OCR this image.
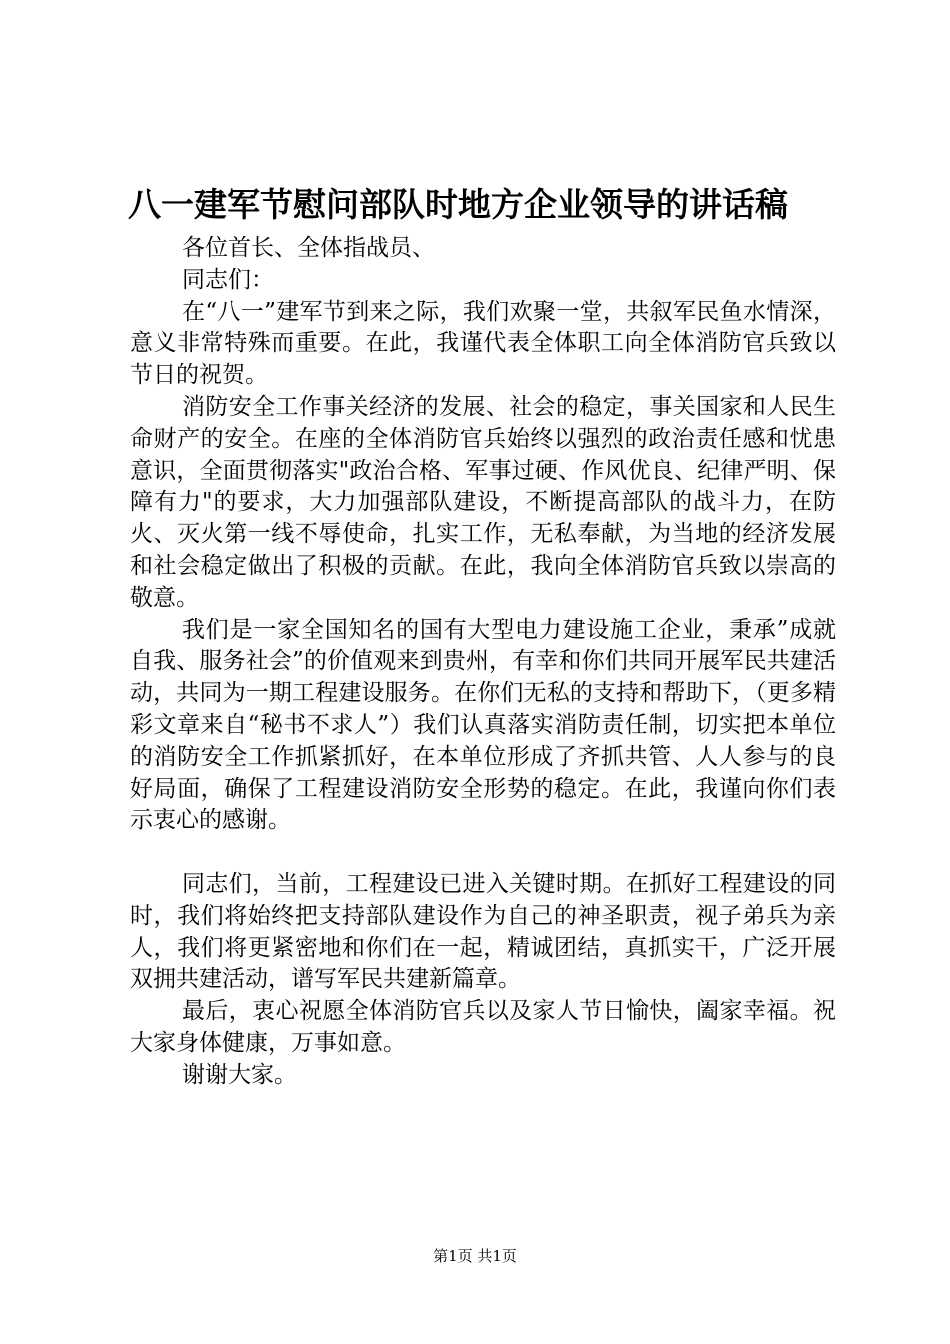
八一建军节慰问部队时地方企业领导的讲话稿

各位首长、全体指战员、

同志们：

在“八一”建军节到来之际，我们欢聚一堂，共叙军民鱼水情深，意义非常特殊而重要。在此，我谨代表全体职工向全体消防官兵致以节日的祝贺。

消防安全工作事关经济的发展、社会的稳定，事关国家和人民生命财产的安全。在座的全体消防官兵始终以强烈的政治责任感和忧患意识，全面贯彻落实"政治合格、军事过硬、作风优良、纪律严明、保障有力"的要求，大力加强部队建设，不断提高部队的战斗力，在防火、灭火第一线不辱使命，扎实工作，无私奉献，为当地的经济发展和社会稳定做出了积极的贡献。在此，我向全体消防官兵致以崇高的敬意。

我们是一家全国知名的国有大型电力建设施工企业，秉承”成就自我、服务社会”的价值观来到贵州，有幸和你们共同开展军民共建活动，共同为一期工程建设服务。在你们无私的支持和帮助下，（更多精彩文章来自“秘书不求人”）我们认真落实消防责任制，切实把本单位的消防安全工作抓紧抓好，在本单位形成了齐抓共管、人人参与的良好局面，确保了工程建设消防安全形势的稳定。在此，我谨向你们表示衷心的感谢。

同志们，当前，工程建设已进入关键时期。在抓好工程建设的同时，我们将始终把支持部队建设作为自己的神圣职责，视子弟兵为亲人，我们将更紧密地和你们在一起，精诚团结，真抓实干，广泛开展双拥共建活动，谱写军民共建新篇章。

最后，衷心祝愿全体消防官兵以及家人节日愉快，阖家幸福。祝大家身体健康，万事如意。

谢谢大家。

第1页 共1页
